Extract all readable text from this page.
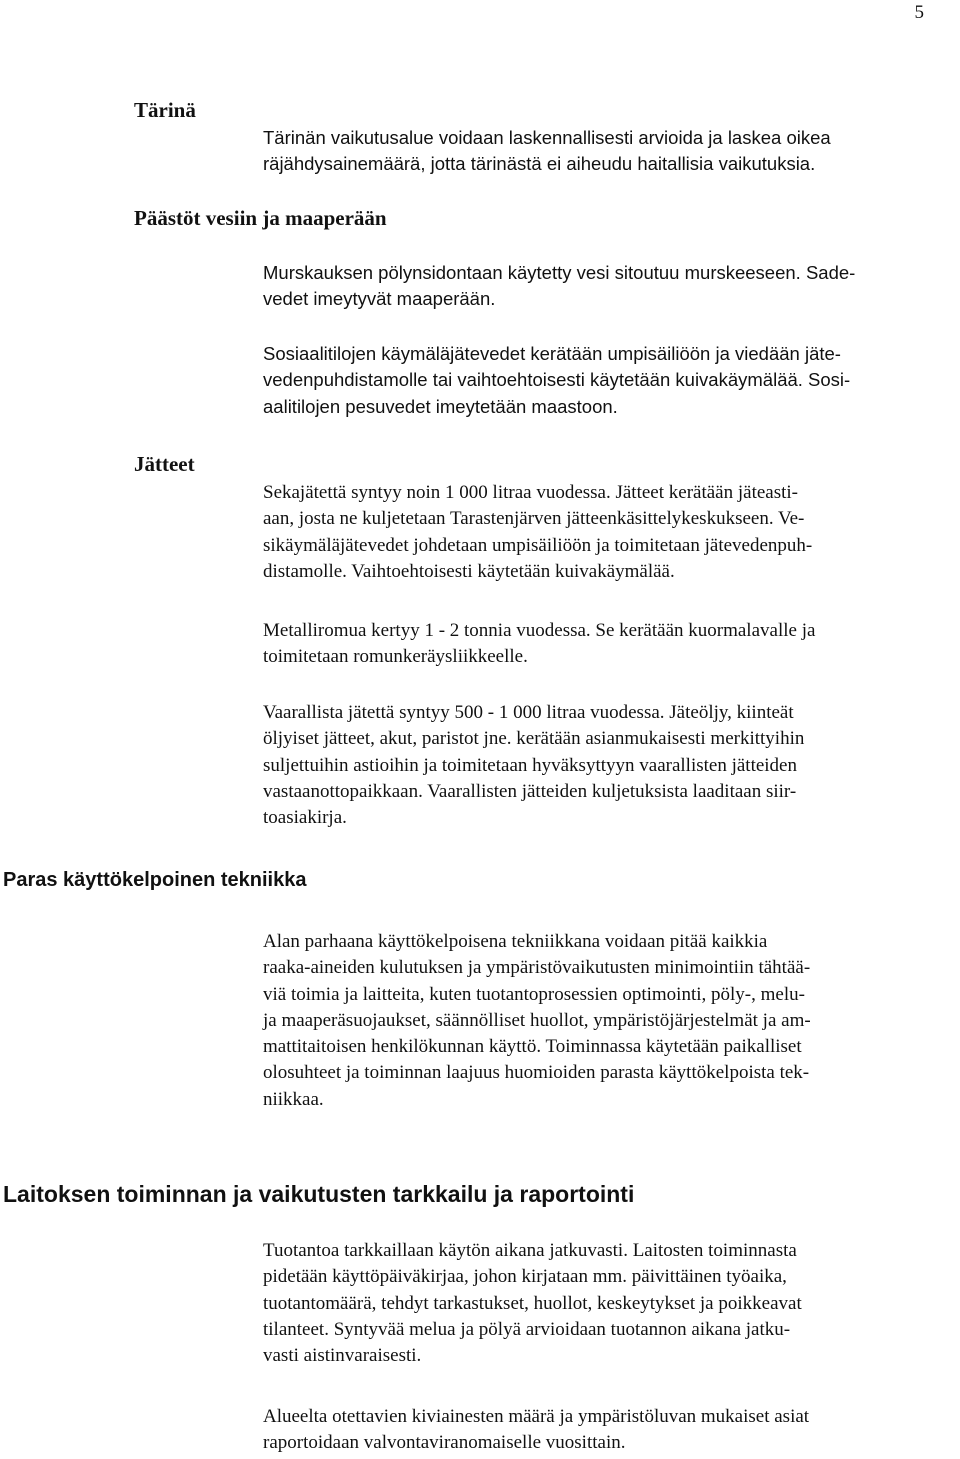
5
Tärinä

Tärinän vaikutusalue voidaan laskennallisesti arvioida ja laskea oikea
räjähdysainemäärä, jotta tärinästä ei aiheudu haitallisia vaikutuksia.

Päästöt vesiin ja maaperään

Murskauksen pölynsidontaan käytetty vesi sitoutuu murskeeseen. Sade-
vedet imeytyvät maaperään.

Sosiaalitilojen käymäläjätevedet kerätään umpisäiliöön ja viedään jäte-
vedenpuhdistamolle tai vaihtoehtoisesti käytetään kuivakäymälää. Sosi-
aalitilojen pesuvedet imeytetään maastoon.

Jätteet

Sekajätettä syntyy noin 1 000 litraa vuodessa. Jätteet kerätään jäteasti-
aan, josta ne kuljetetaan Tarastenjärven jätteenkäsittelykeskukseen. Ve-
sikäymäläjätevedet johdetaan umpisäiliöön ja toimitetaan jätevedenpuh-
distamolle. Vaihtoehtoisesti käytetään kuivakäymälää.

Metalliromua kertyy 1 - 2 tonnia vuodessa. Se kerätään kuormalavalle ja
toimitetaan romunkeräysliikkeelle.

Vaarallista jätettä syntyy 500 - 1 000 litraa vuodessa. Jäteöljy, kiinteät
öljyiset jätteet, akut, paristot jne. kerätään asianmukaisesti merkittyihin
suljettuihin astioihin ja toimitetaan hyväksyttyyn vaarallisten jätteiden
vastaanottopaikkaan. Vaarallisten jätteiden kuljetuksista laaditaan siir-
toasiakirja.

Paras käyttökelpoinen tekniikka

Alan parhaana käyttökelpoisena tekniikkana voidaan pitää kaikkia
raaka-aineiden kulutuksen ja ympäristövaikutusten minimointiin tähtää-
viä toimia ja laitteita, kuten tuotantoprosessien optimointi, pöly-, melu-
ja maaperäsuojaukset, säännölliset huollot, ympäristöjärjestelmät ja am-
mattitaitoisen henkilökunnan käyttö. Toiminnassa käytetään paikalliset
olosuhteet ja toiminnan laajuus huomioiden parasta käyttökelpoista tek-
niikkaa.

Laitoksen toiminnan ja vaikutusten tarkkailu ja raportointi

Tuotantoa tarkkaillaan käytön aikana jatkuvasti. Laitosten toiminnasta
pidetään käyttöpäiväkirjaa, johon kirjataan mm. päivittäinen työaika,
tuotantomäärä, tehdyt tarkastukset, huollot, keskeytykset ja poikkeavat
tilanteet. Syntyvää melua ja pölyä arvioidaan tuotannon aikana jatku-
vasti aistinvaraisesti.

Alueelta otettavien kiviainesten määrä ja ympäristöluvan mukaiset asiat
raportoidaan valvontaviranomaiselle vuosittain.
